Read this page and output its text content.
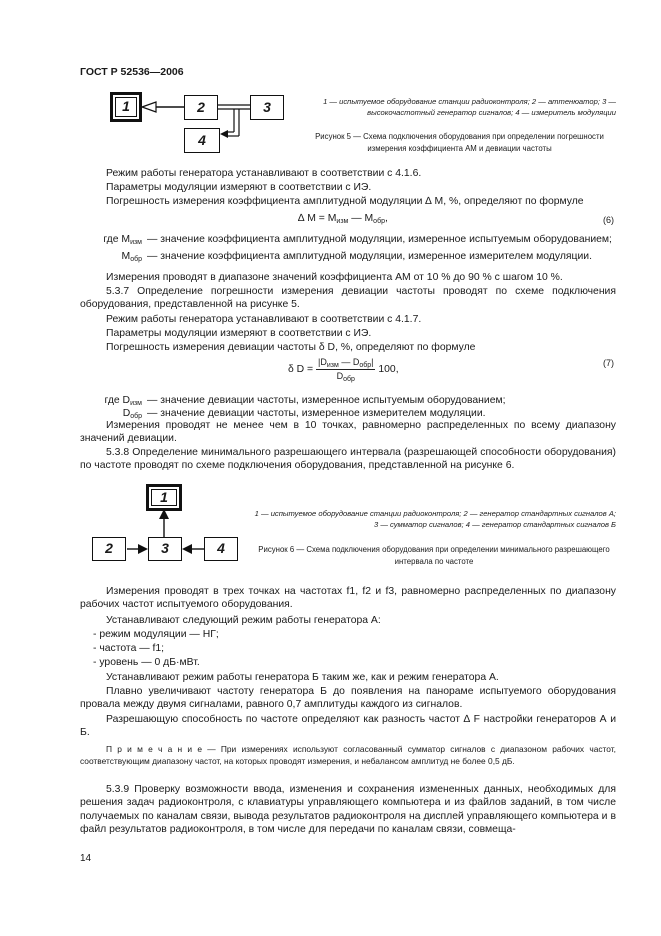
ГОСТ Р 52536—2006
1	2	3
4
1 — испытуемое оборудование станции радиоконтроля; 2 — аттенюатор; 3 — высокочастотный генератор сигналов; 4 — измеритель модуляции
Рисунок 5 — Схема подключения оборудования при определении погрешности измерения коэффициента АМ и девиации частоты

Режим работы генератора устанавливают в соответствии с 4.1.6.

Параметры модуляции измеряют в соответствии с ИЭ.

Погрешность измерения коэффициента амплитудной модуляции ∆ M, %, определяют по формуле

∆ $M = M_{изм}$ — $M_{обр}$,	(6)
где $M_{изм}$ — значение коэффициента амплитудной модуляции, измеренное испытуемым оборудованием;
$M_{обр}$ — значение коэффициента амплитудной модуляции, измеренное измерителем модуляции.

Измерения проводят в диапазоне значений коэффициента АМ от 10 % до 90 % с шагом 10 %.

5.3.7 Определение погрешности измерения девиации частоты проводят по схеме подключения оборудования, представленной на рисунке 5.

Режим работы генератора устанавливают в соответствии с 4.1.7.

Параметры модуляции измеряют в соответствии с ИЭ.

Погрешность измерения девиации частоты δ D, %, определяют по формуле

δ $D = \frac{|D_{изм} — D_{обр}|}{D_{обр}} 100$,
(7)
где $D_{изм}$ — значение девиации частоты, измеренное испытуемым оборудованием;
$D_{обр}$ — значение девиации частоты, измеренное измерителем модуляции.

Измерения проводят не менее чем в 10 точках, равномерно распределенных по всему диапазону значений девиации.

5.3.8 Определение минимального разрешающего интервала (разрешающей способности оборудования) по частоте проводят по схеме подключения оборудования, представленной на рисунке 6.

1
2	3	4
1 — испытуемое оборудование станции радиоконтроля; 2 — генератор стандартных сигналов А; 3 — сумматор сигналов; 4 — генератор стандартных сигналов Б
Рисунок 6 — Схема подключения оборудования при определении минимального разрешающего интервала по частоте

Измерения проводят в трех точках на частотах f1, f2 и f3, равномерно распределенных по диапазону рабочих частот испытуемого оборудования.

Устанавливают следующий режим работы генератора А:

- режим модуляции — НГ;

- частота — f1;

- уровень — 0 дБ·мВт.

Устанавливают режим работы генератора Б таким же, как и режим генератора А.

Плавно увеличивают частоту генератора Б до появления на панораме испытуемого оборудования провала между двумя сигналами, равного 0,7 амплитуды каждого из сигналов.

Разрешающую способность по частоте определяют как разность частот ∆ F настройки генераторов А и Б.

П р и м е ч а н и е — При измерениях используют согласованный сумматор сигналов с диапазоном рабочих частот, соответствующим диапазону частот, на которых проводят измерения, и небалансом амплитуд не более 0,5 дБ.

5.3.9 Проверку возможности ввода, изменения и сохранения измененных данных, необходимых для решения задач радиоконтроля, с клавиатуры управляющего компьютера и из файлов заданий, в том числе получаемых по каналам связи, вывода результатов радиоконтроля на дисплей управляющего компьютера и в файл результатов радиоконтроля, в том числе для передачи по каналам связи, совмеща-

14
